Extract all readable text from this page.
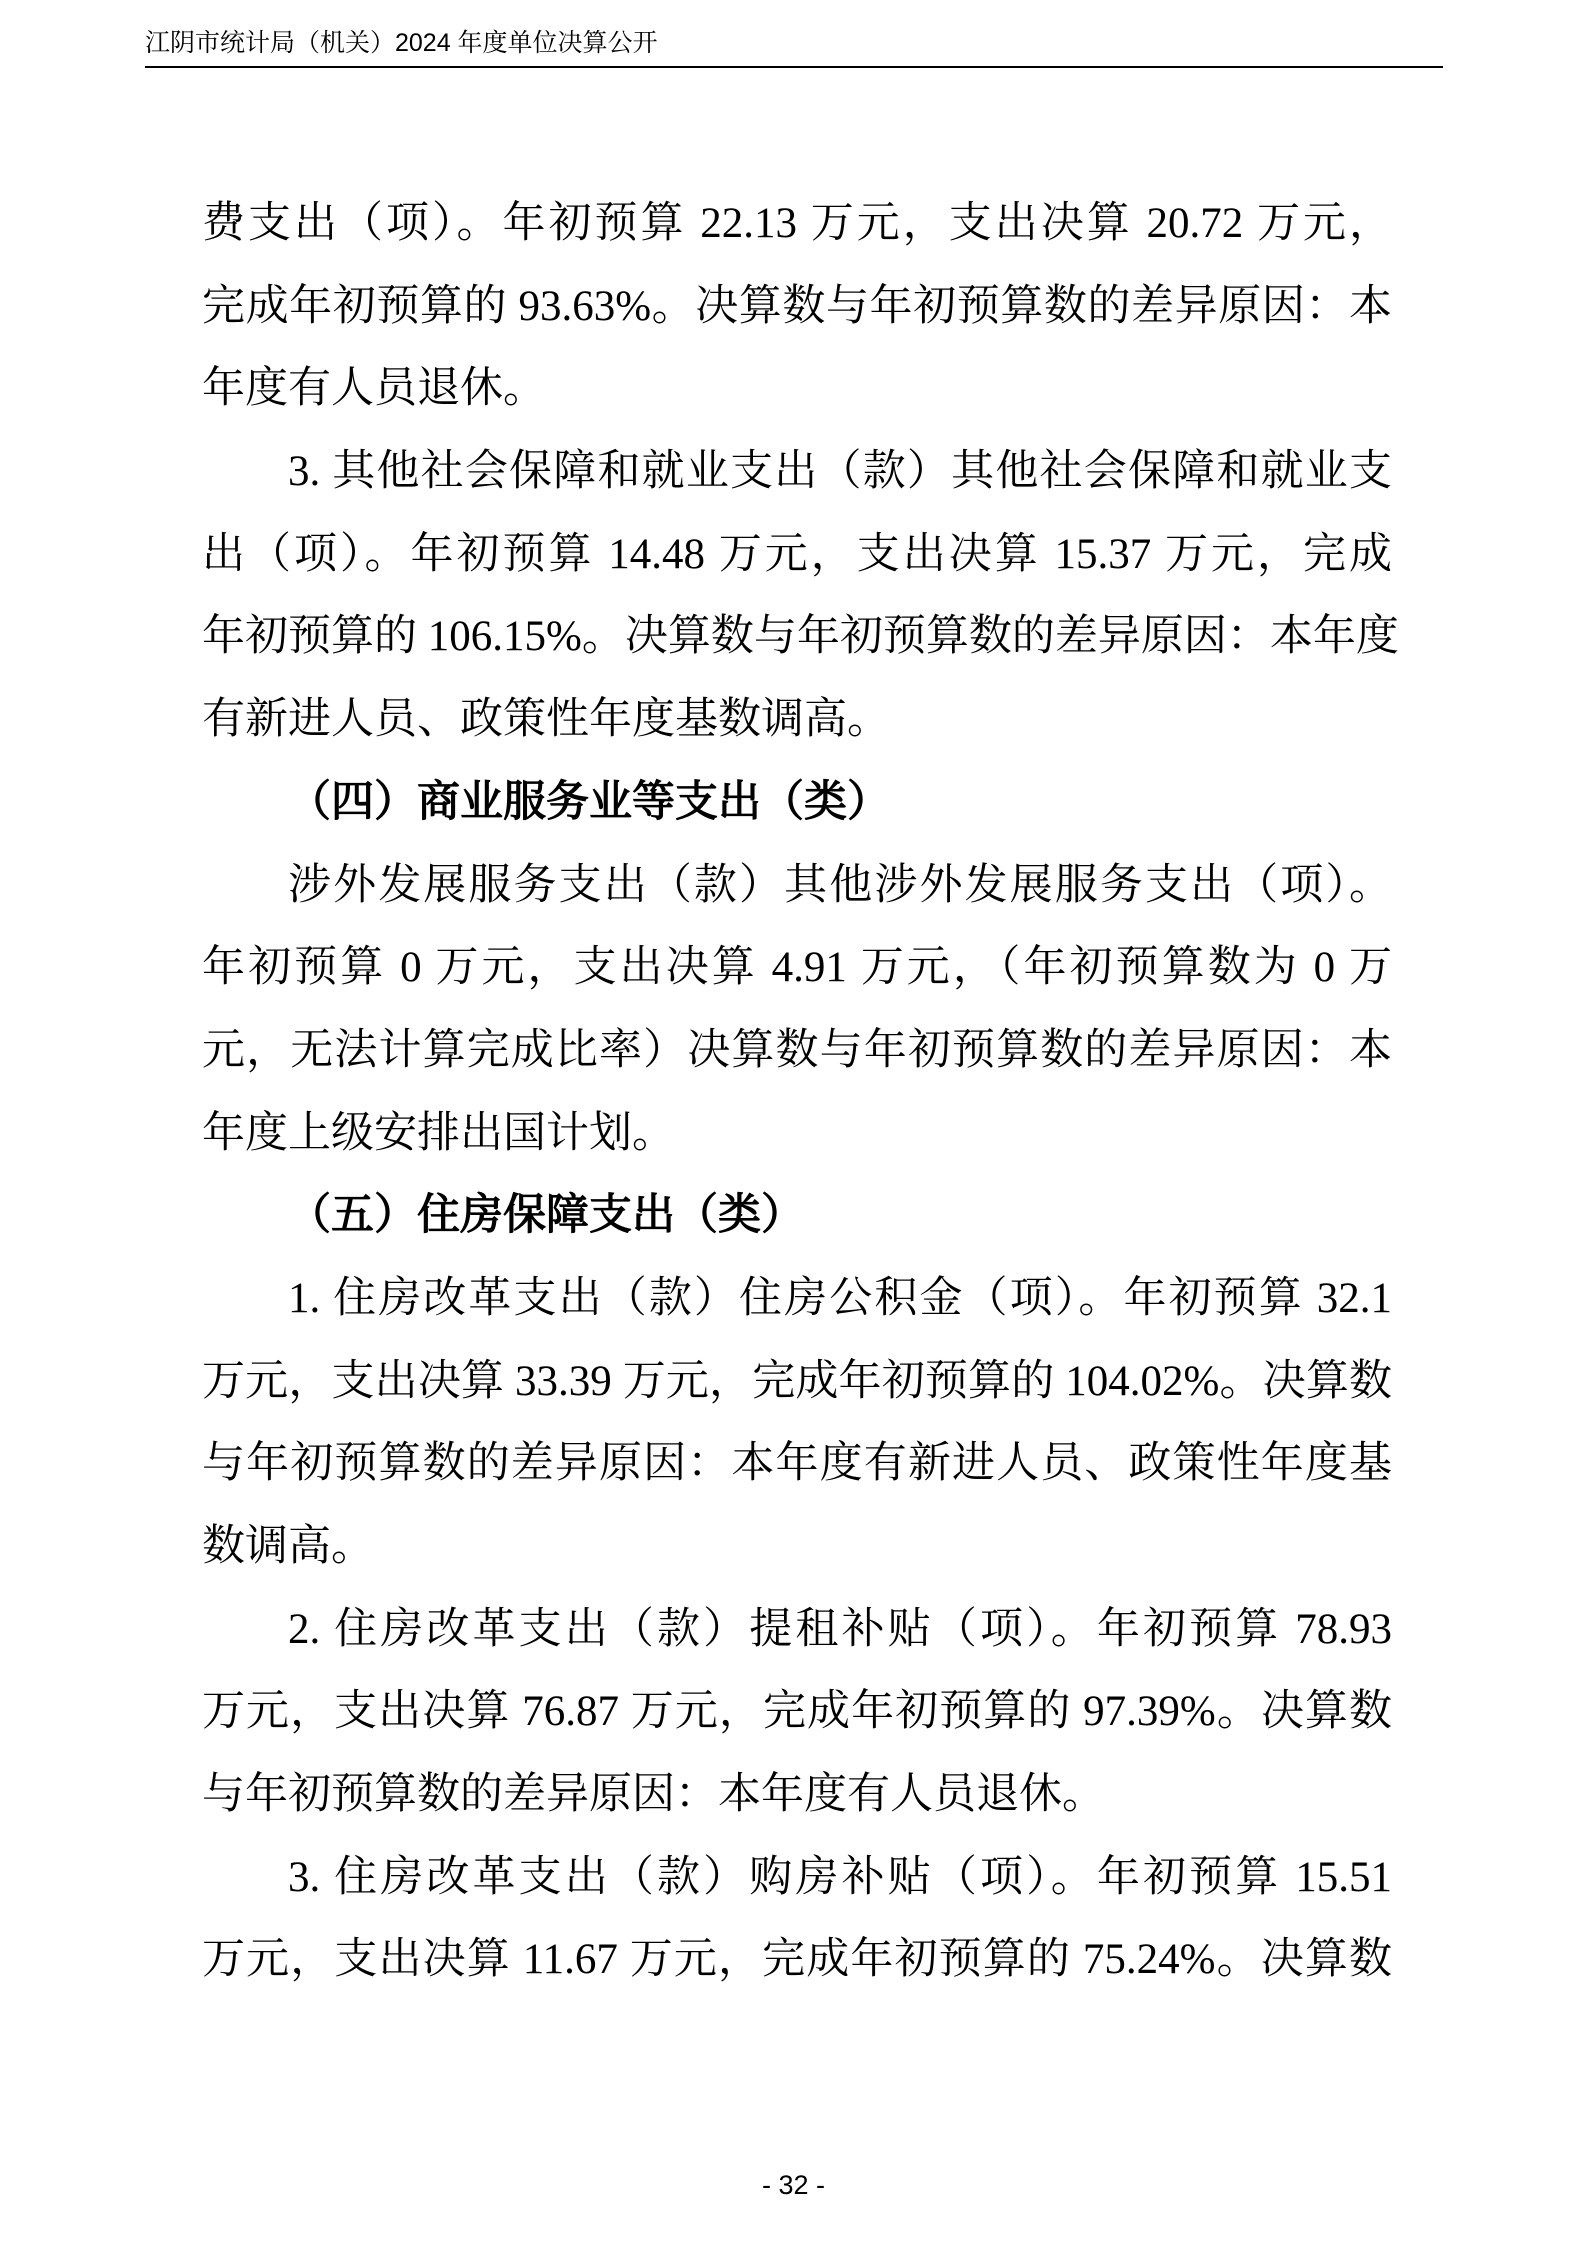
江阴市统计局（机关）2024 年度单位决算公开
费支出（项）。年初预算 22.13 万元，支出决算 20.72 万元，
完成年初预算的 93.63%。决算数与年初预算数的差异原因：本
年度有人员退休。
3. 其他社会保障和就业支出（款）其他社会保障和就业支
出（项）。年初预算 14.48 万元，支出决算 15.37 万元，完成
年初预算的 106.15%。决算数与年初预算数的差异原因：本年度
有新进人员、政策性年度基数调高。
（四）商业服务业等支出（类）
涉外发展服务支出（款）其他涉外发展服务支出（项）。
年初预算 0 万元，支出决算 4.91 万元，（年初预算数为 0 万
元，无法计算完成比率）决算数与年初预算数的差异原因：本
年度上级安排出国计划。
（五）住房保障支出（类）
1. 住房改革支出（款）住房公积金（项）。年初预算 32.1
万元，支出决算 33.39 万元，完成年初预算的 104.02%。决算数
与年初预算数的差异原因：本年度有新进人员、政策性年度基
数调高。
2. 住房改革支出（款）提租补贴（项）。年初预算 78.93
万元，支出决算 76.87 万元，完成年初预算的 97.39%。决算数
与年初预算数的差异原因：本年度有人员退休。
3. 住房改革支出（款）购房补贴（项）。年初预算 15.51
万元，支出决算 11.67 万元，完成年初预算的 75.24%。决算数
- 32 -
